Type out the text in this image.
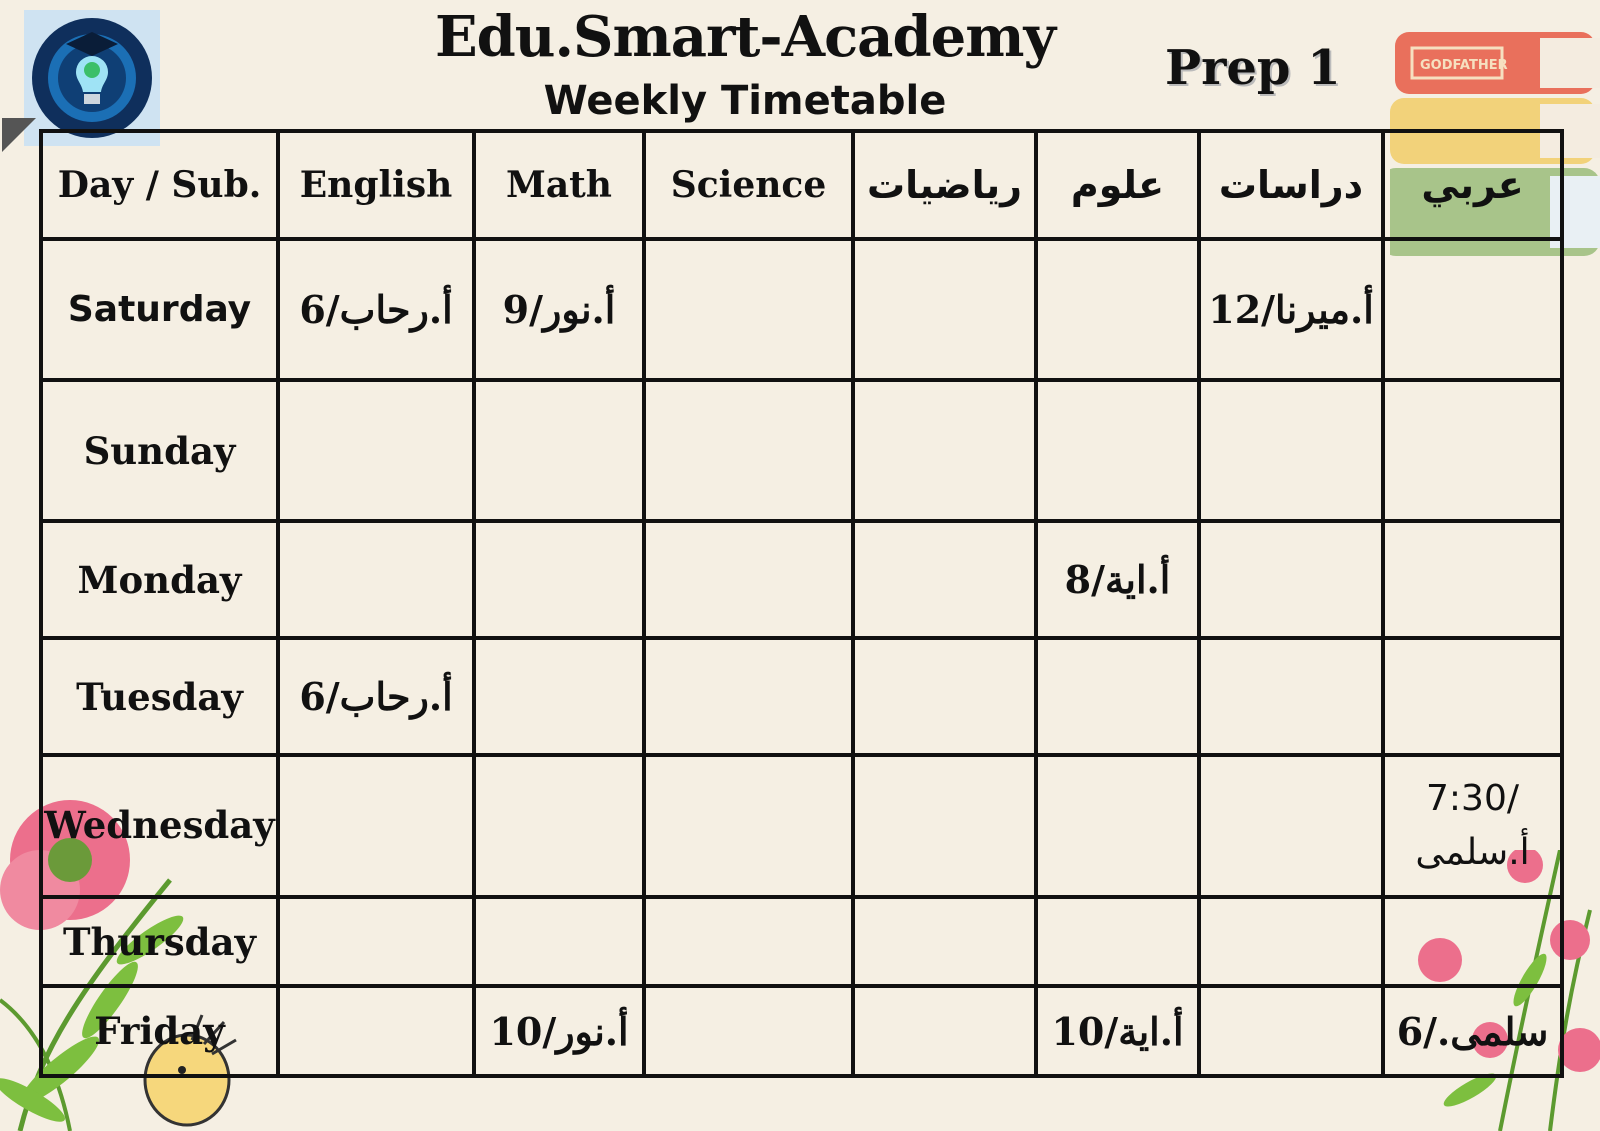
Edu.Smart-Academy
Weekly Timetable
Prep 1	GODFATHER
Day / Sub.	English	Math	Science	رياضيات	علوم	دراسات	عربي
Saturday	أ.رحاب/6	أ.نور/9				أ.ميرنا/12	
Sunday							
Monday					أ.اية/8		
Tuesday	أ.رحاب/6						
Wednesday							7:30/ أ.سلمى
Thursday							
Friday		أ.نور/10			أ.اية/10		سلمى./6
